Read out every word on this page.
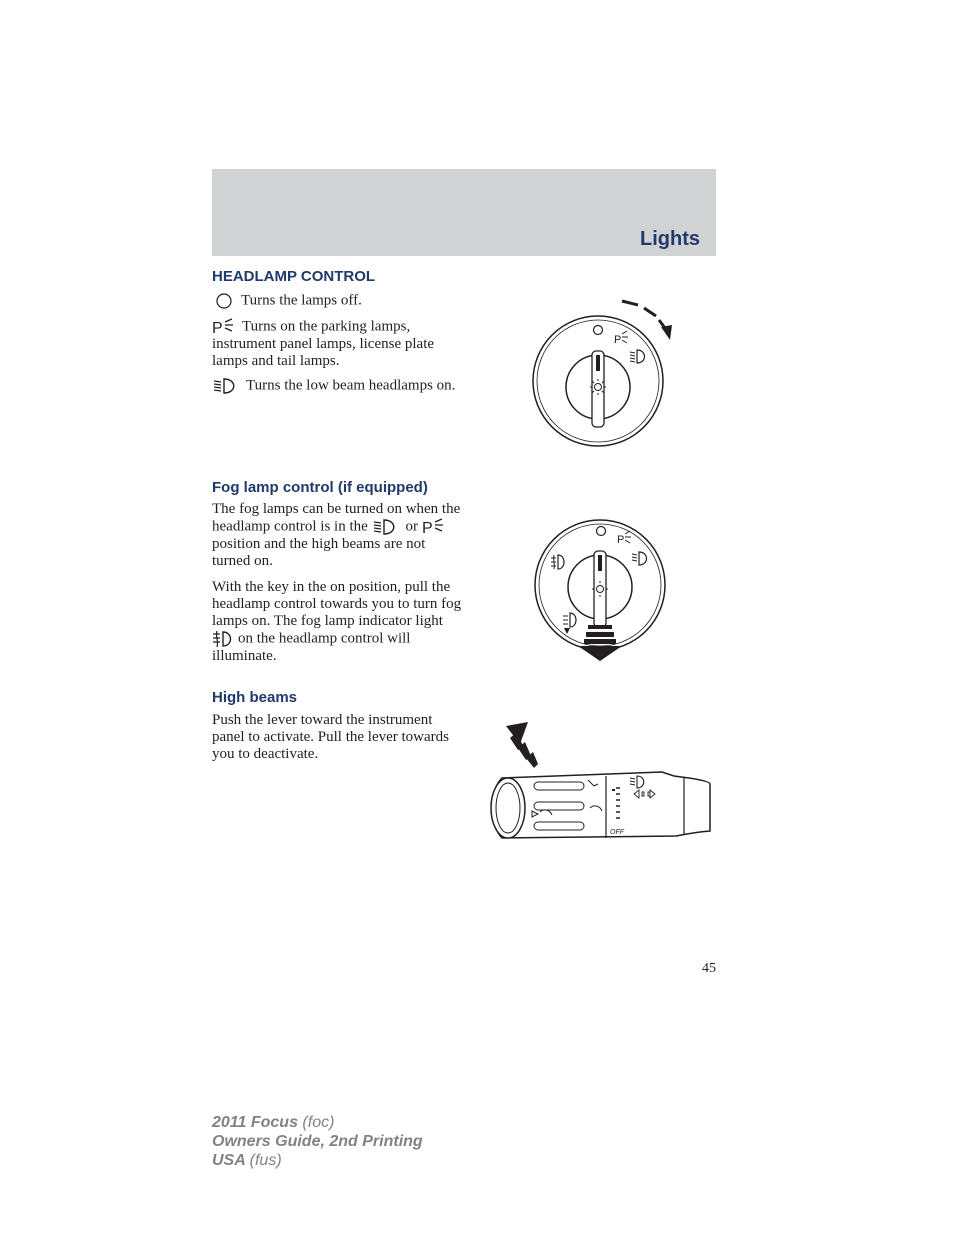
Lights
HEADLAMP CONTROL
Turns the lamps off.
P Turns on the parking lamps, instrument panel lamps, license plate lamps and tail lamps.
Turns the low beam headlamps on.
P
Fog lamp control (if equipped)
The fog lamps can be turned on when the headlamp control is in the	or P
position and the high beams are not turned on.
With the key in the on position, pull the headlamp control towards you to turn fog lamps on. The fog lamp indicator light on the headlamp control will illuminate.
P
High beams
Push the lever toward the instrument panel to activate. Pull the lever towards you to deactivate.
OFF
45
2011 Focus (foc)
Owners Guide, 2nd Printing
USA (fus)
